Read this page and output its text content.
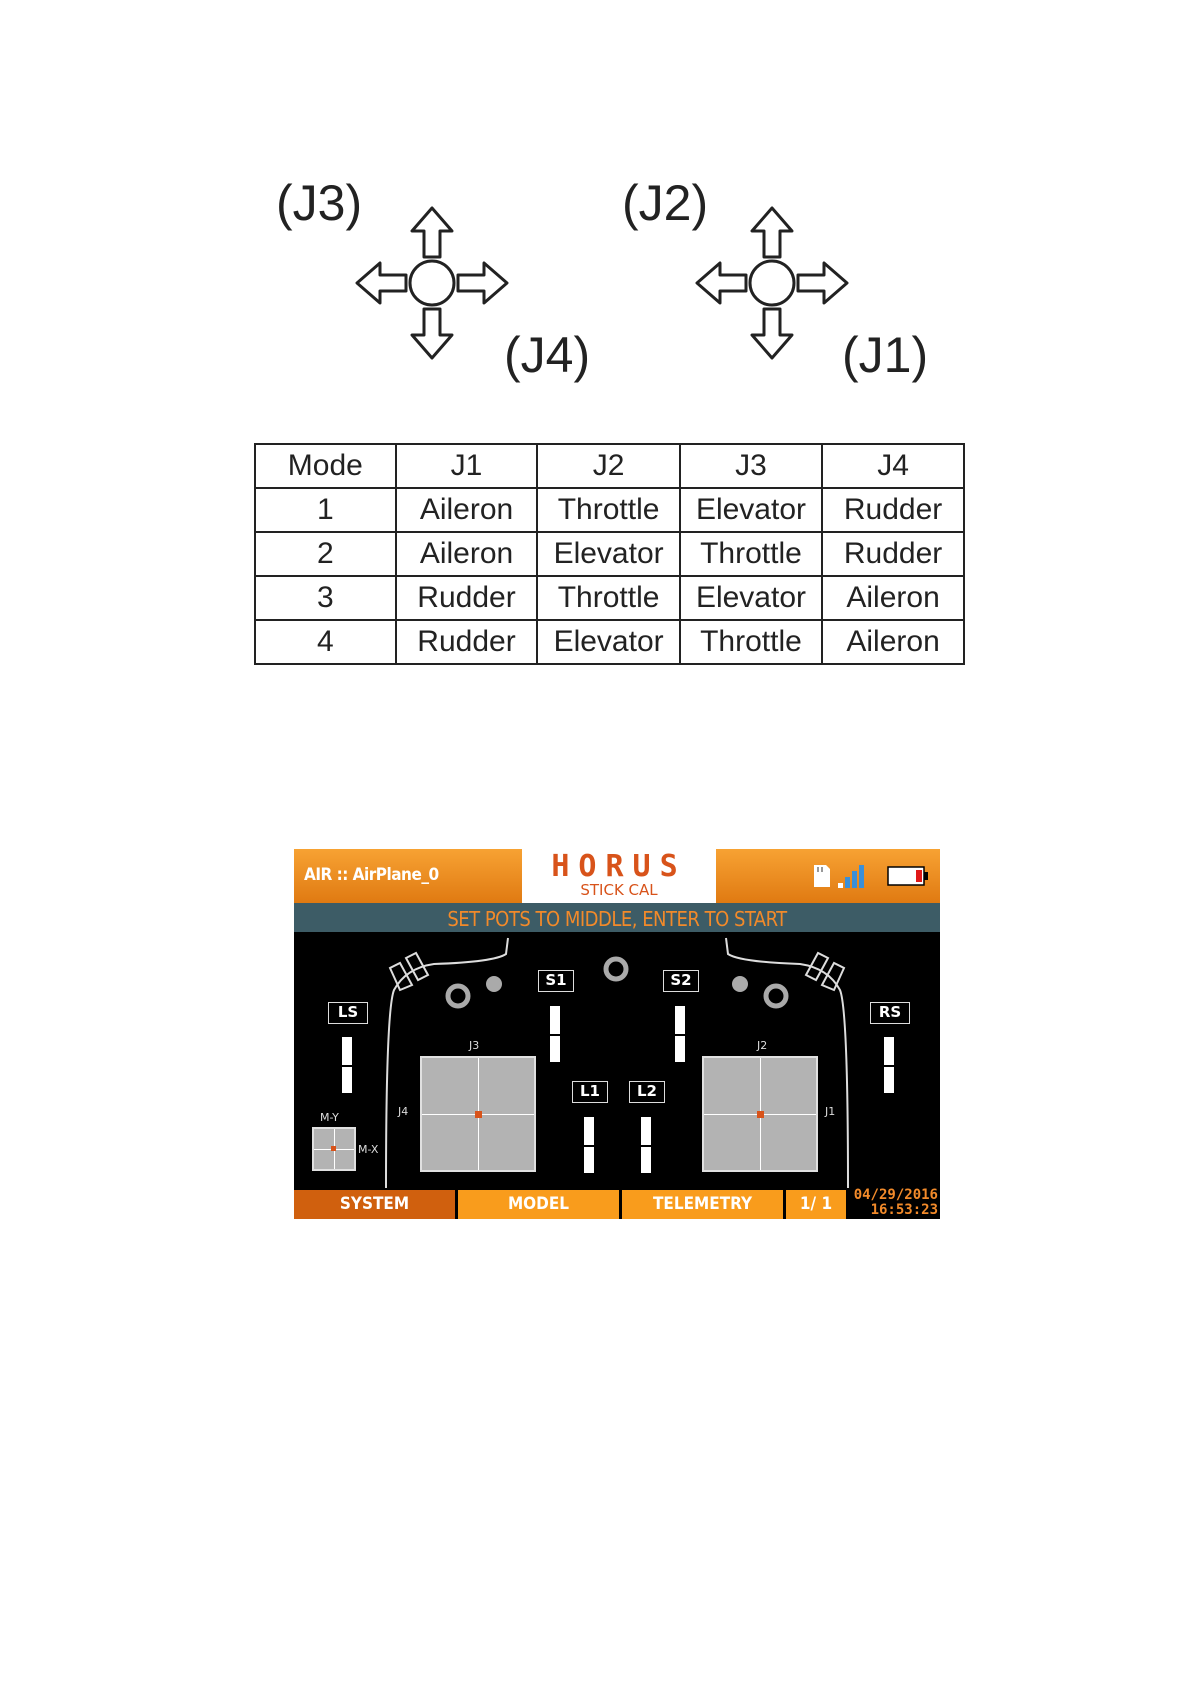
(J3)
(J4)
(J2)
(J1)
Mode	J1	J2	J3	J4
1	Aileron	Throttle	Elevator	Rudder
2	Aileron	Elevator	Throttle	Rudder
3	Rudder	Throttle	Elevator	Aileron
4	Rudder	Elevator	Throttle	Aileron
AIR :: AirPlane_0	HORUS
STICK CAL
SET POTS TO MIDDLE, ENTER TO START
LS	RS
S1	S2
L1	L2
J3
J4
J2
J1
M-Y
M-X
SYSTEM	MODEL	TELEMETRY	1/ 1	04/29/2016
16:53:23
